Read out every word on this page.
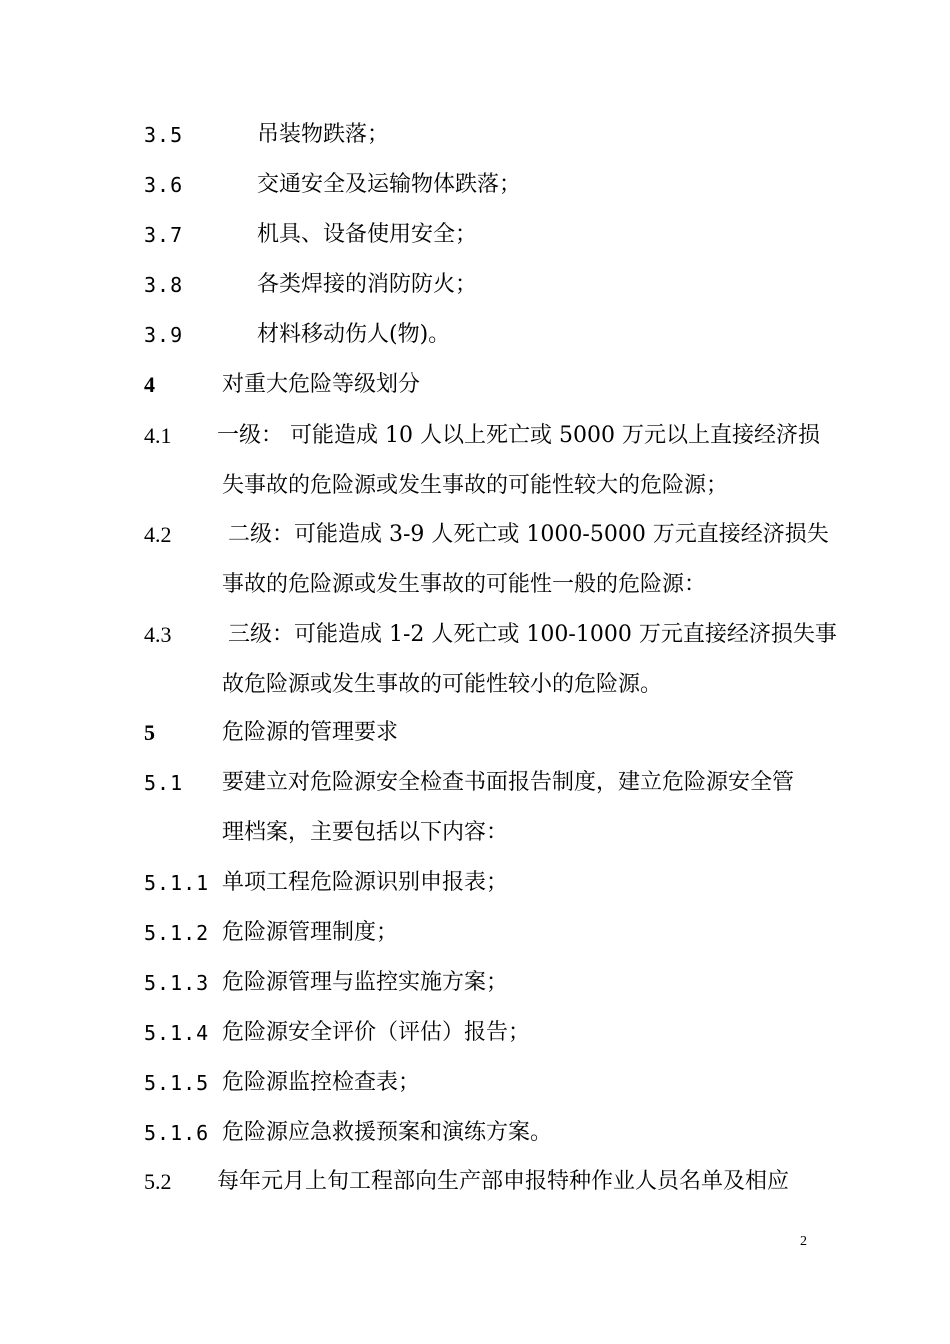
3.5	吊装物跌落；
3.6	交通安全及运输物体跌落；
3.7	机具、设备使用安全；
3.8	各类焊接的消防防火；
3.9	材料移动伤人(物)。
4	对重大危险等级划分
4.1 一级： 可能造成 10 人以上死亡或 5000 万元以上直接经济损
失事故的危险源或发生事故的可能性较大的危险源；
4.2	二级：可能造成 3-9 人死亡或 1000-5000 万元直接经济损失
事故的危险源或发生事故的可能性一般的危险源：
4.3	三级：可能造成 1-2 人死亡或 100-1000 万元直接经济损失事
故危险源或发生事故的可能性较小的危险源。
5	危险源的管理要求
5.1 要建立对危险源安全检查书面报告制度，建立危险源安全管
理档案，主要包括以下内容：
5.1.1 单项工程危险源识别申报表；
5.1.2 危险源管理制度；
5.1.3 危险源管理与监控实施方案；
5.1.4 危险源安全评价（评估）报告；
5.1.5 危险源监控检查表；
5.1.6 危险源应急救援预案和演练方案。
5.2 每年元月上旬工程部向生产部申报特种作业人员名单及相应
2
